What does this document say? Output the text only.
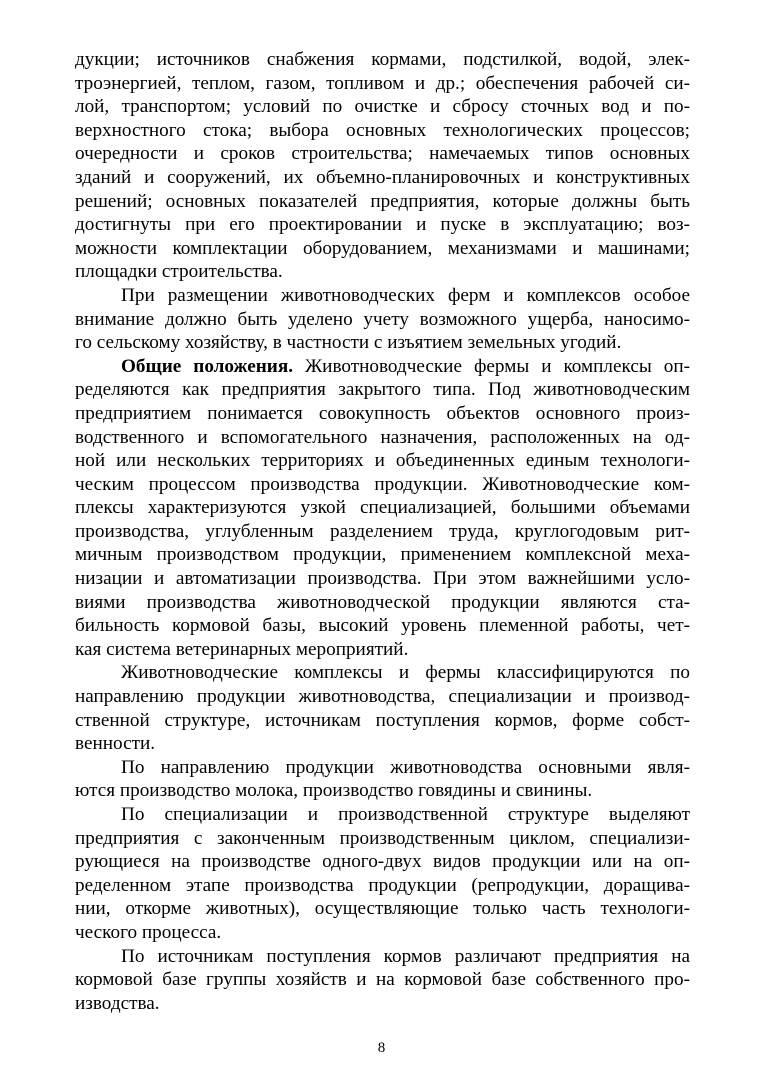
дукции; источников снабжения кормами, подстилкой, водой, элек-
троэнергией, теплом, газом, топливом и др.; обеспечения рабочей си-
лой, транспортом; условий по очистке и сбросу сточных вод и по-
верхностного стока; выбора основных технологических процессов;
очередности и сроков строительства; намечаемых типов основных
зданий и сооружений, их объемно-планировочных и конструктивных
решений; основных показателей предприятия, которые должны быть
достигнуты при его проектировании и пуске в эксплуатацию; воз-
можности комплектации оборудованием, механизмами и машинами;
площадки строительства.
При размещении животноводческих ферм и комплексов особое
внимание должно быть уделено учету возможного ущерба, наносимо-
го сельскому хозяйству, в частности с изъятием земельных угодий.
Общие положения. Животноводческие фермы и комплексы оп-
ределяются как предприятия закрытого типа. Под животноводческим
предприятием понимается совокупность объектов основного произ-
водственного и вспомогательного назначения, расположенных на од-
ной или нескольких территориях и объединенных единым технологи-
ческим процессом производства продукции. Животноводческие ком-
плексы характеризуются узкой специализацией, большими объемами
производства, углубленным разделением труда, круглогодовым рит-
мичным производством продукции, применением комплексной меха-
низации и автоматизации производства. При этом важнейшими усло-
виями производства животноводческой продукции являются ста-
бильность кормовой базы, высокий уровень племенной работы, чет-
кая система ветеринарных мероприятий.
Животноводческие комплексы и фермы классифицируются по
направлению продукции животноводства, специализации и производ-
ственной структуре, источникам поступления кормов, форме собст-
венности.
По направлению продукции животноводства основными явля-
ются производство молока, производство говядины и свинины.
По специализации и производственной структуре выделяют
предприятия с законченным производственным циклом, специализи-
рующиеся на производстве одного-двух видов продукции или на оп-
ределенном этапе производства продукции (репродукции, доращива-
нии, откорме животных), осуществляющие только часть технологи-
ческого процесса.
По источникам поступления кормов различают предприятия на
кормовой базе группы хозяйств и на кормовой базе собственного про-
изводства.
8
